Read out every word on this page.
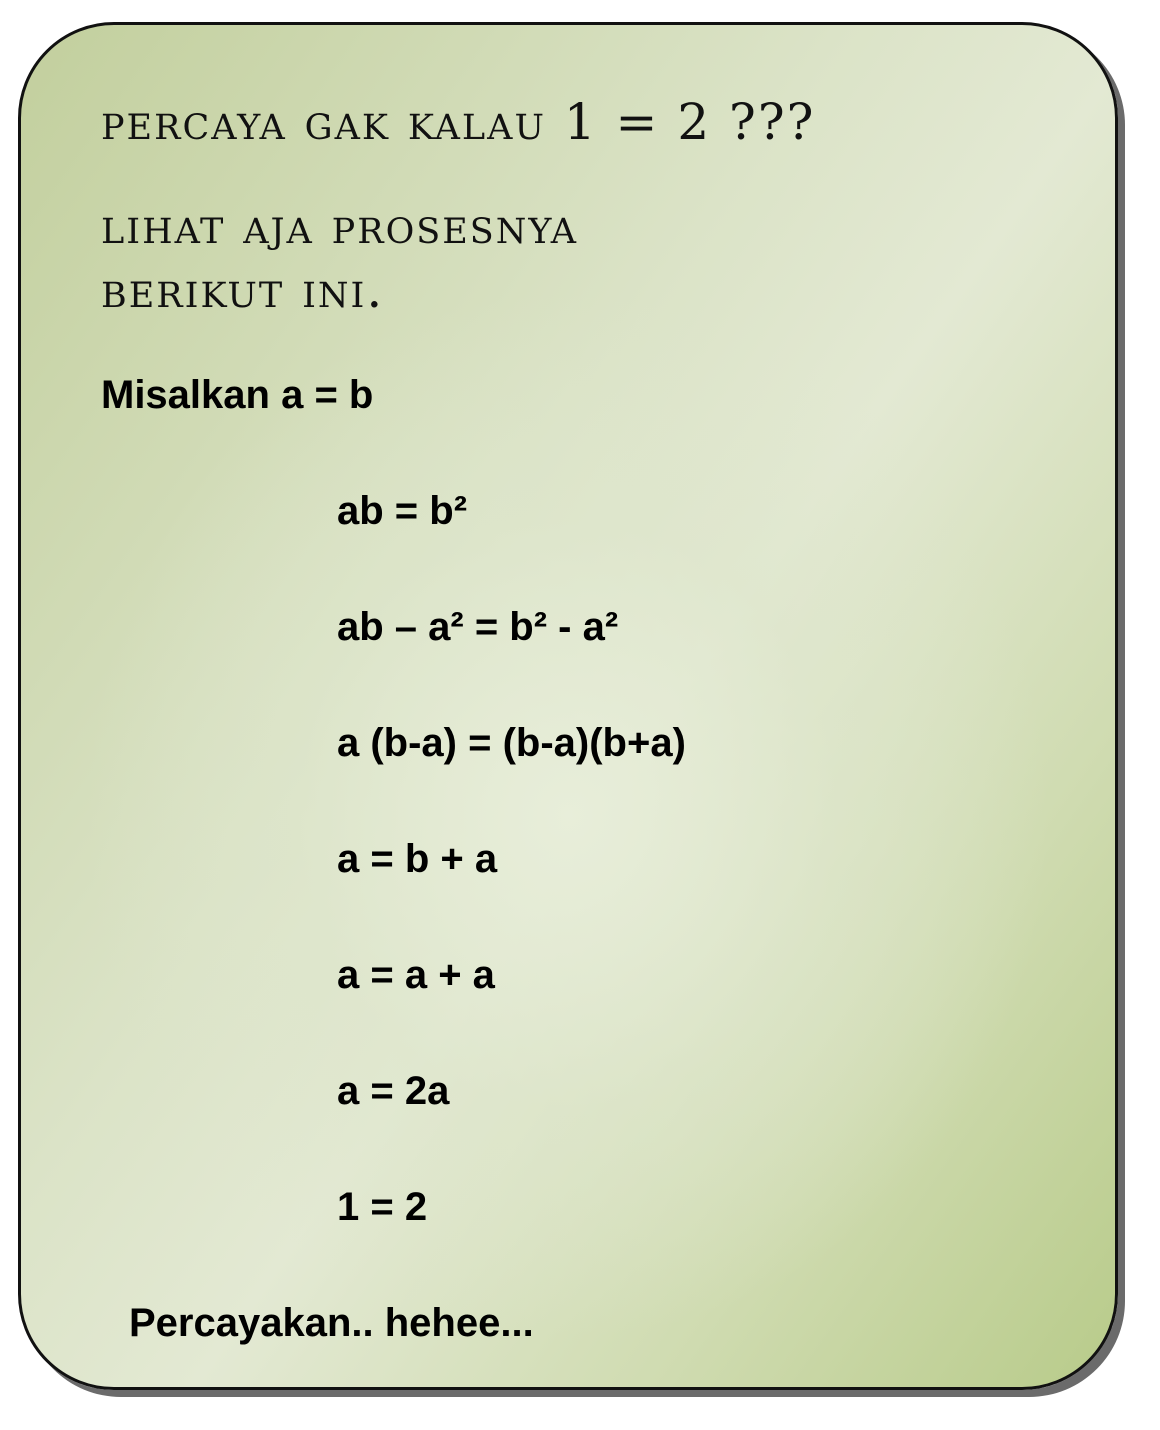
percaya gak kalau 1 = 2 ???
lihat aja prosesnya
berikut ini.
Misalkan a = b
ab = b²
ab – a² = b² - a²
a (b-a) = (b-a)(b+a)
a = b + a
a = a + a
a = 2a
1 = 2
Percayakan.. hehee...
